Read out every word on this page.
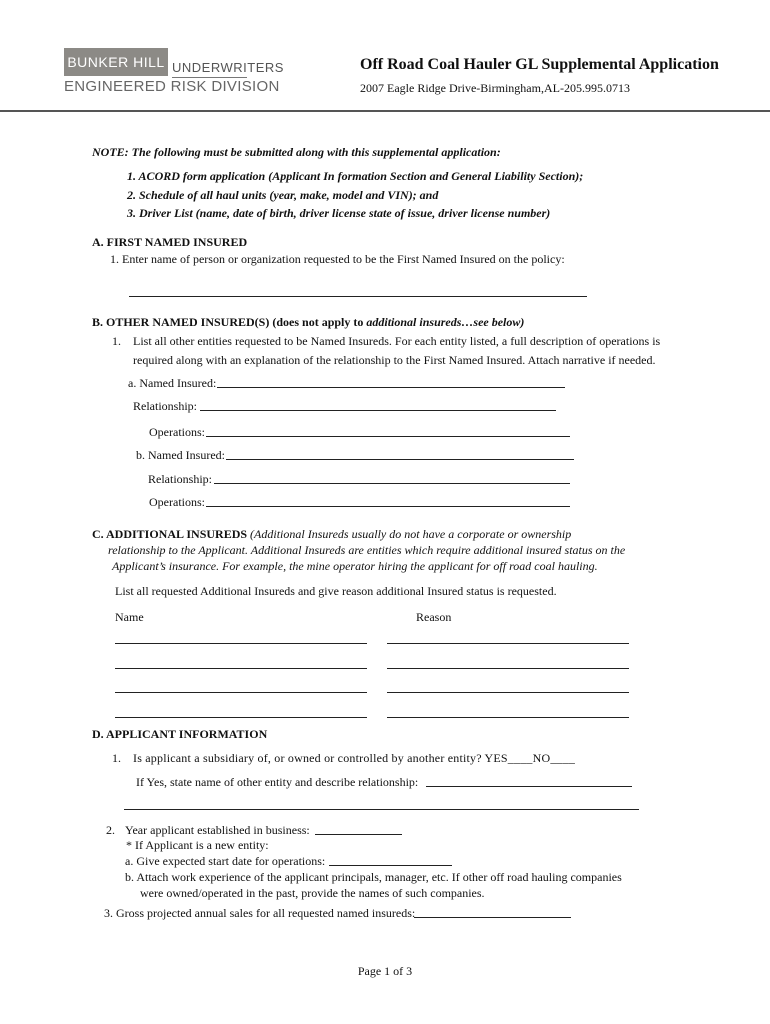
BUNKER HILL UNDERWRITERS
ENGINEERED RISK DIVISION
Off Road Coal Hauler GL Supplemental Application
2007 Eagle Ridge Drive-Birmingham,AL-205.995.0713
NOTE: The following must be submitted along with this supplemental application:
1. ACORD form application (Applicant In formation Section and General Liability Section);
2. Schedule of all haul units (year, make, model and VIN); and
3. Driver List (name, date of birth, driver license state of issue, driver license number)
A. FIRST NAMED INSURED
1. Enter name of person or organization requested to be the First Named Insured on the policy:
B. OTHER NAMED INSURED(S) (does not apply to additional insureds…see below)
1. List all other entities requested to be Named Insureds. For each entity listed, a full description of operations is
required along with an explanation of the relationship to the First Named Insured. Attach narrative if needed.
a. Named Insured:
Relationship:
Operations:
b. Named Insured:
Relationship:
Operations:
C. ADDITIONAL INSUREDS (Additional Insureds usually do not have a corporate or ownership
relationship to the Applicant. Additional Insureds are entities which require additional insured status on the
Applicant’s insurance. For example, the mine operator hiring the applicant for off road coal hauling.
List all requested Additional Insureds and give reason additional Insured status is requested.
Name	Reason
D. APPLICANT INFORMATION
1. Is applicant a subsidiary of, or owned or controlled by another entity? YES____NO____
If Yes, state name of other entity and describe relationship:
2. Year applicant established in business:
* If Applicant is a new entity:
a. Give expected start date for operations:
b. Attach work experience of the applicant principals, manager, etc. If other off road hauling companies
were owned/operated in the past, provide the names of such companies.
3. Gross projected annual sales for all requested named insureds:
Page 1 of 3
